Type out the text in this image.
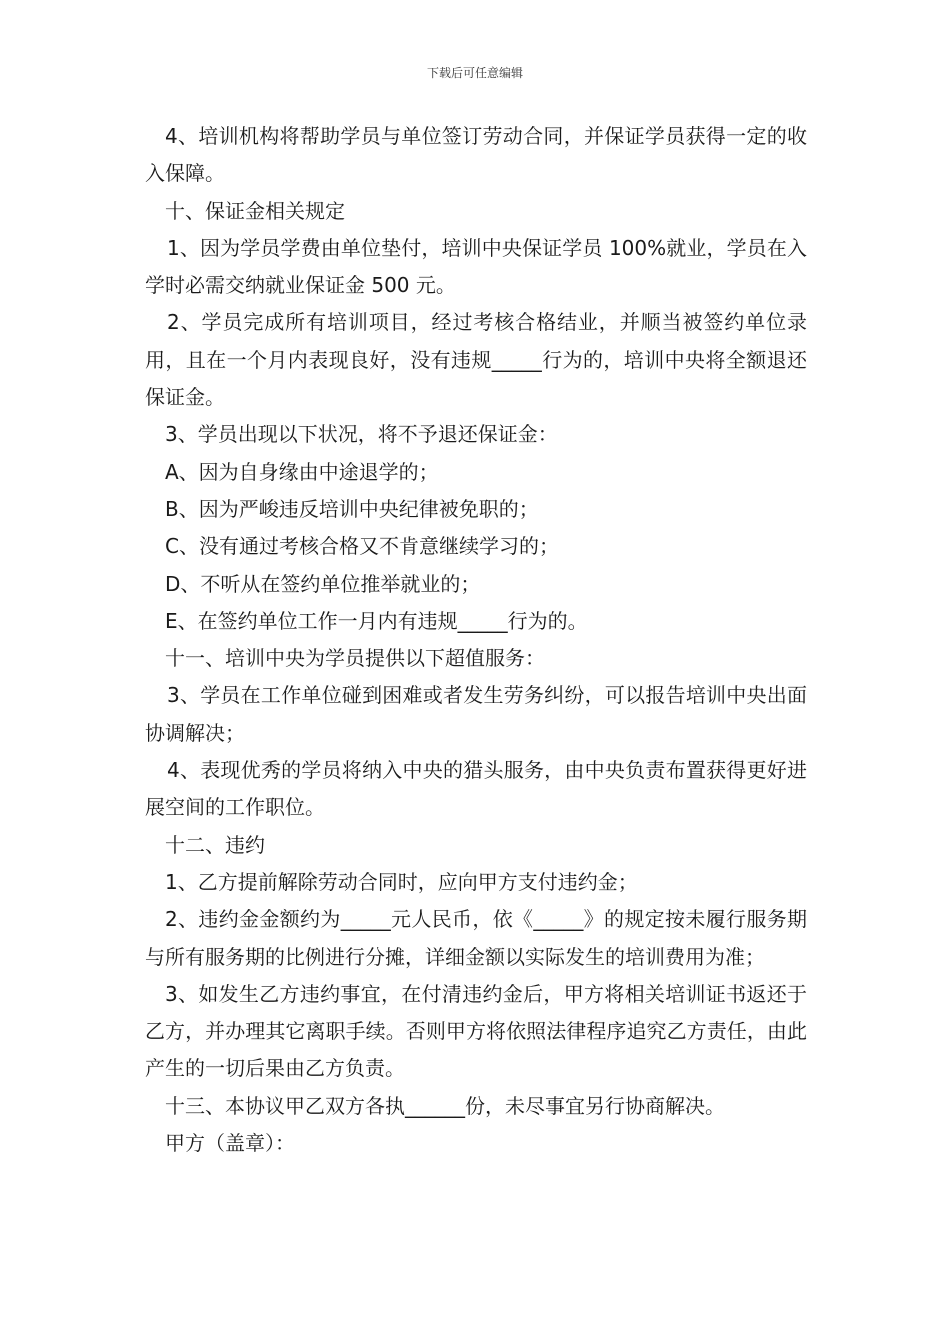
下载后可任意编辑

4、培训机构将帮助学员与单位签订劳动合同，并保证学员获得一定的收入保障。

十、保证金相关规定

1、因为学员学费由单位垫付，培训中央保证学员 100%就业，学员在入学时必需交纳就业保证金 500 元。

2、学员完成所有培训项目，经过考核合格结业，并顺当被签约单位录用，且在一个月内表现良好，没有违规_____行为的，培训中央将全额退还保证金。

3、学员出现以下状况，将不予退还保证金：

A、因为自身缘由中途退学的；

B、因为严峻违反培训中央纪律被免职的；

C、没有通过考核合格又不肯意继续学习的；

D、不听从在签约单位推举就业的；

E、在签约单位工作一月内有违规_____行为的。

十一、培训中央为学员提供以下超值服务：

3、学员在工作单位碰到困难或者发生劳务纠纷，可以报告培训中央出面协调解决；

4、表现优秀的学员将纳入中央的猎头服务，由中央负责布置获得更好进展空间的工作职位。

十二、违约

1、乙方提前解除劳动合同时，应向甲方支付违约金；

2、违约金金额约为_____元人民币，依《_____》的规定按未履行服务期与所有服务期的比例进行分摊，详细金额以实际发生的培训费用为准；

3、如发生乙方违约事宜，在付清违约金后，甲方将相关培训证书返还于乙方，并办理其它离职手续。否则甲方将依照法律程序追究乙方责任，由此产生的一切后果由乙方负责。

十三、本协议甲乙双方各执______份，未尽事宜另行协商解决。

甲方（盖章）：
